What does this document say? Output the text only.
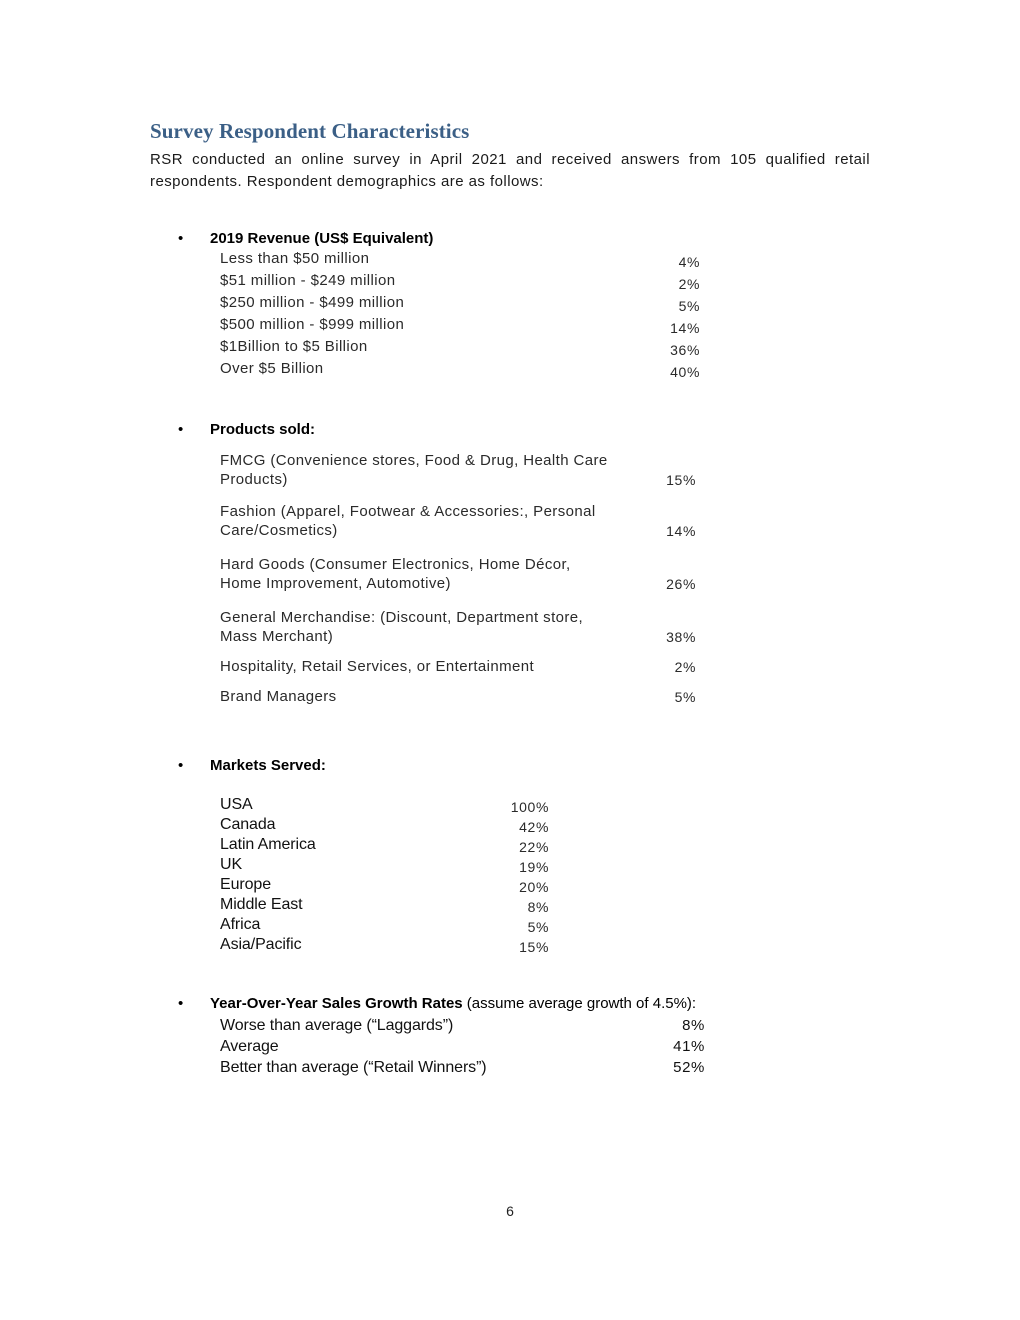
Survey Respondent Characteristics
RSR conducted an online survey in April 2021 and received answers from 105 qualified retail
respondents. Respondent demographics are as follows:
• 2019 Revenue (US$ Equivalent)
Less than $50 million	4%
$51 million - $249 million	2%
$250 million - $499 million	5%
$500 million - $999 million	14%
$1Billion to $5 Billion	36%
Over $5 Billion	40%
• Products sold:
FMCG (Convenience stores, Food & Drug, Health Care
Products)	15%
Fashion (Apparel, Footwear & Accessories:, Personal
Care/Cosmetics)	14%
Hard Goods (Consumer Electronics, Home Décor,
Home Improvement, Automotive)	26%
General Merchandise: (Discount, Department store,
Mass Merchant)	38%
Hospitality, Retail Services, or Entertainment	2%
Brand Managers	5%
• Markets Served:
USA	100%
Canada	42%
Latin America	22%
UK	19%
Europe	20%
Middle East	8%
Africa	5%
Asia/Pacific	15%
• Year-Over-Year Sales Growth Rates (assume average growth of 4.5%):
Worse than average (“Laggards”)	8%
Average	41%
Better than average (“Retail Winners”)	52%
6
